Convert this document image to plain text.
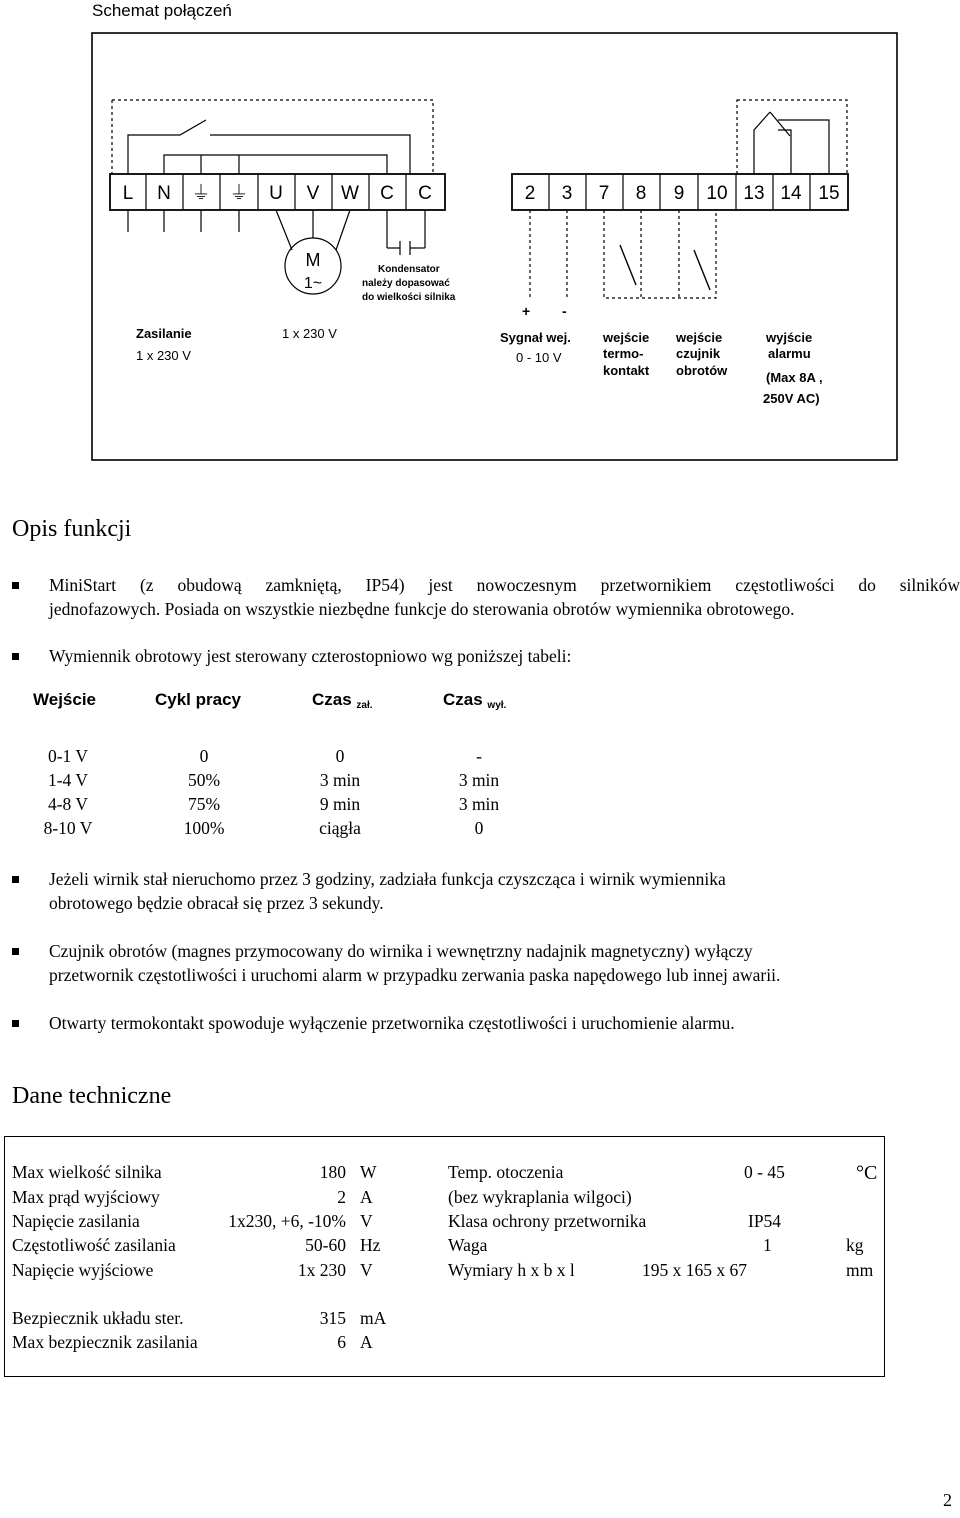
Schemat połączeń
L N ⏚ ⏚ U V W C C
M
1~
Kondensator
należy dopasować
do wielkości silnika
Zasilanie
1 x 230 V
1 x 230 V
2 3 7 8 9 10 13 14 15
+ -
Sygnał wej.
0 - 10 V
wejście
termo-
kontakt
wejście
czujnik
obrotów
wyjście
alarmu
(Max 8A ,
250V AC)
Opis funkcji
MiniStart (z obudową zamkniętą, IP54) jest nowoczesnym przetwornikiem częstotliwości do silników
jednofazowych. Posiada on wszystkie niezbędne funkcje do sterowania obrotów wymiennika obrotowego.
Wymiennik obrotowy jest sterowany czterostopniowo wg poniższej tabeli:
Wejście	Cykl pracy	Czas $_{zał.}$	Czas $_{wył.}$
0-1 V	0	0	-
1-4 V	50%	3 min	3 min
4-8 V	75%	9 min	3 min
8-10 V	100%	ciągła	0
Jeżeli wirnik stał nieruchomo przez 3 godziny, zadziała funkcja czyszcząca i wirnik wymiennika
obrotowego będzie obracał się przez 3 sekundy.
Czujnik obrotów (magnes przymocowany do wirnika i wewnętrzny nadajnik magnetyczny) wyłączy
przetwornik częstotliwości i uruchomi alarm w przypadku zerwania paska napędowego lub innej awarii.
Otwarty termokontakt spowoduje wyłączenie przetwornika częstotliwości i uruchomienie alarmu.
Dane techniczne
Max wielkość silnika	180 W
Max prąd wyjściowy	2 A
Napięcie zasilania	1x230, +6, -10% V
Częstotliwość zasilania	50-60 Hz
Napięcie wyjściowe	1x 230 V
Bezpiecznik układu ster.	315 mA
Max bezpiecznik zasilania	6 A
Temp. otoczenia	0 - 45	°C
(bez wykraplania wilgoci)
Klasa ochrony przetwornika	IP54
Waga	1	kg
Wymiary h x b x l	195 x 165 x 67	mm
2
